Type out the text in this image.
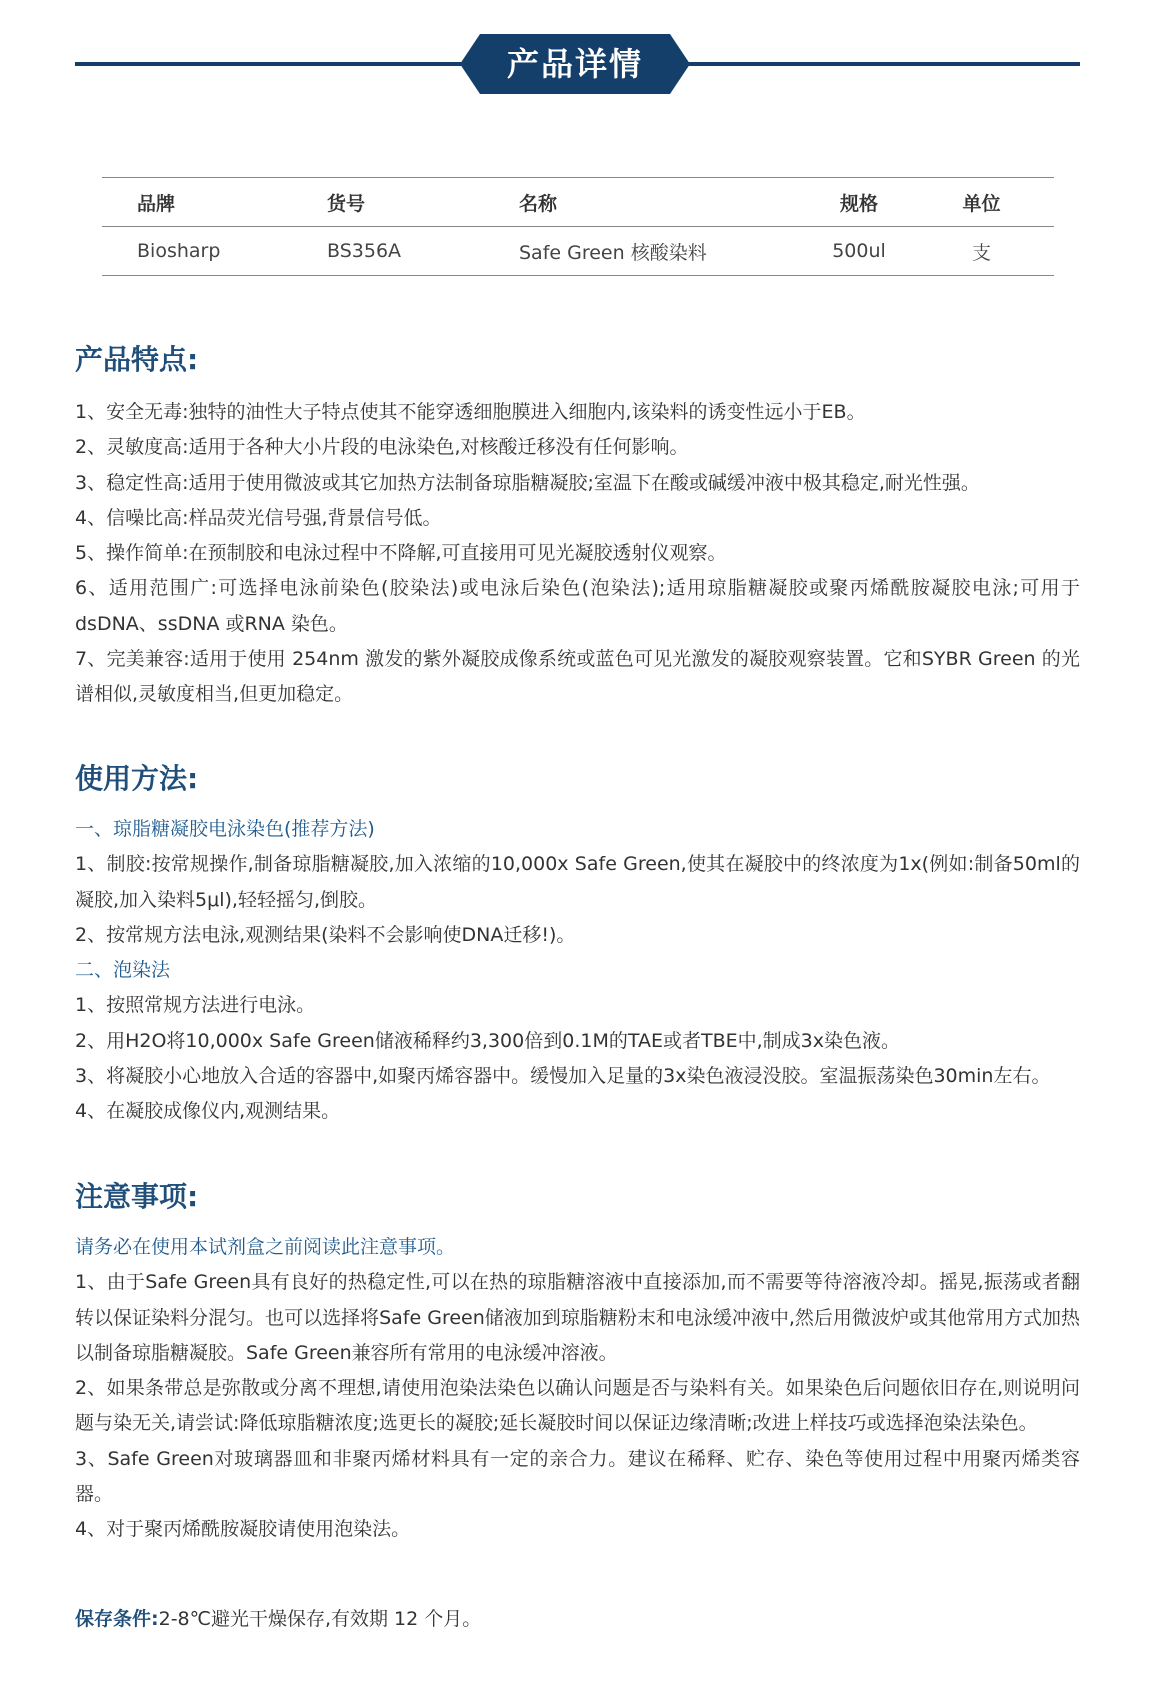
产品详情
品牌	货号	名称	规格	单位
Biosharp	BS356A	Safe Green 核酸染料	500ul	支
产品特点:

1、安全无毒:独特的油性大子特点使其不能穿透细胞膜进入细胞内,该染料的诱变性远小于EB。

2、灵敏度高:适用于各种大小片段的电泳染色,对核酸迁移没有任何影响。

3、稳定性高:适用于使用微波或其它加热方法制备琼脂糖凝胶;室温下在酸或碱缓冲液中极其稳定,耐光性强。

4、信噪比高:样品荧光信号强,背景信号低。

5、操作简单:在预制胶和电泳过程中不降解,可直接用可见光凝胶透射仪观察。

6、适用范围广:可选择电泳前染色(胶染法)或电泳后染色(泡染法);适用琼脂糖凝胶或聚丙烯酰胺凝胶电泳;可用于dsDNA、ssDNA 或RNA 染色。

7、完美兼容:适用于使用 254nm 激发的紫外凝胶成像系统或蓝色可见光激发的凝胶观察装置。它和SYBR Green 的光谱相似,灵敏度相当,但更加稳定。

使用方法:

一、琼脂糖凝胶电泳染色(推荐方法)

1、制胶:按常规操作,制备琼脂糖凝胶,加入浓缩的10,000x Safe Green,使其在凝胶中的终浓度为1x(例如:制备50ml的凝胶,加入染料5μl),轻轻摇匀,倒胶。

2、按常规方法电泳,观测结果(染料不会影响使DNA迁移!)。

二、泡染法

1、按照常规方法进行电泳。

2、用H2O将10,000x Safe Green储液稀释约3,300倍到0.1M的TAE或者TBE中,制成3x染色液。

3、将凝胶小心地放入合适的容器中,如聚丙烯容器中。缓慢加入足量的3x染色液浸没胶。室温振荡染色30min左右。

4、在凝胶成像仪内,观测结果。

注意事项:

请务必在使用本试剂盒之前阅读此注意事项。

1、由于Safe Green具有良好的热稳定性,可以在热的琼脂糖溶液中直接添加,而不需要等待溶液冷却。摇晃,振荡或者翻转以保证染料分混匀。也可以选择将Safe Green储液加到琼脂糖粉末和电泳缓冲液中,然后用微波炉或其他常用方式加热以制备琼脂糖凝胶。Safe Green兼容所有常用的电泳缓冲溶液。

2、如果条带总是弥散或分离不理想,请使用泡染法染色以确认问题是否与染料有关。如果染色后问题依旧存在,则说明问题与染无关,请尝试:降低琼脂糖浓度;选更长的凝胶;延长凝胶时间以保证边缘清晰;改进上样技巧或选择泡染法染色。

3、Safe Green对玻璃器皿和非聚丙烯材料具有一定的亲合力。建议在稀释、贮存、染色等使用过程中用聚丙烯类容器。

4、对于聚丙烯酰胺凝胶请使用泡染法。

保存条件:2-8℃避光干燥保存,有效期 12 个月。
